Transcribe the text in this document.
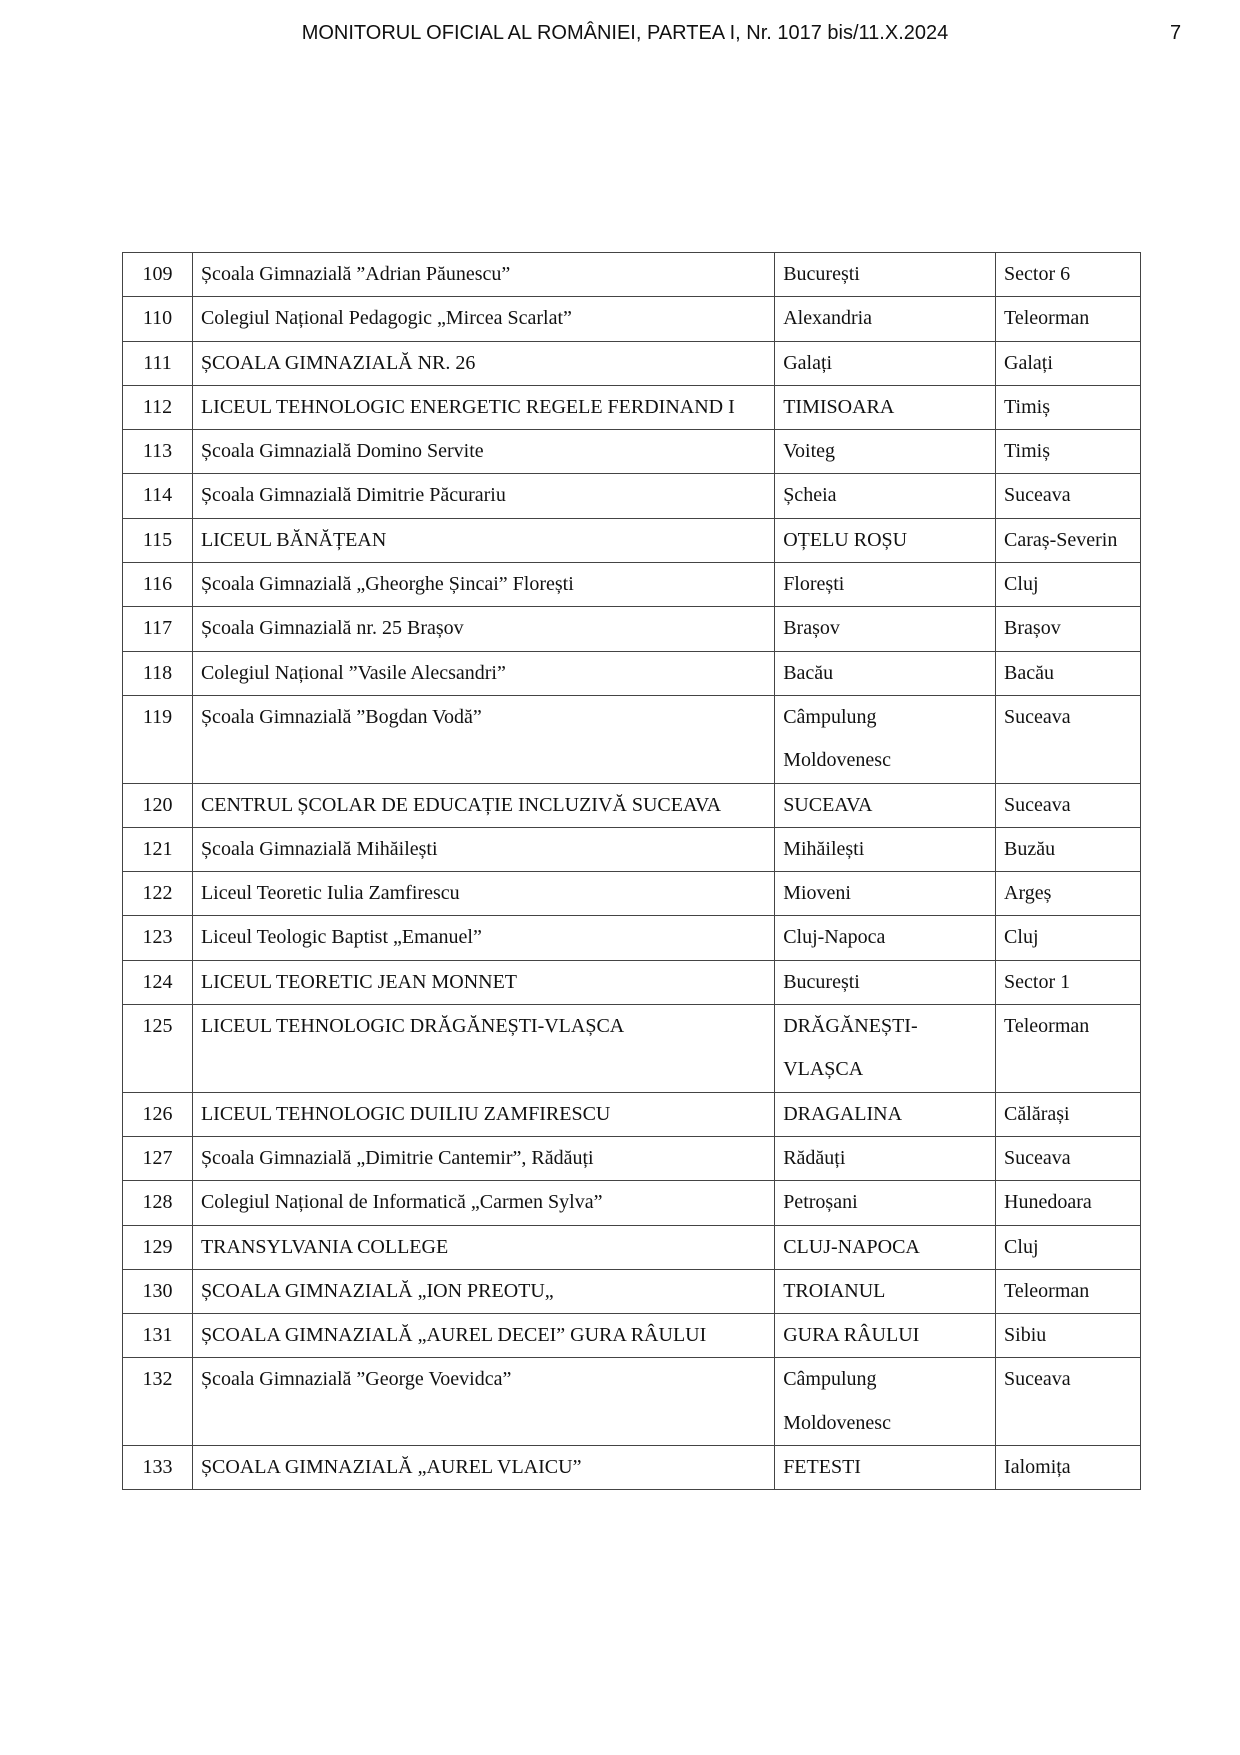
MONITORUL OFICIAL AL ROMÂNIEI, PARTEA I, Nr. 1017 bis/11.X.2024	7
109	Școala Gimnazială ”Adrian Păunescu”	București	Sector 6
110	Colegiul Național Pedagogic „Mircea Scarlat”	Alexandria	Teleorman
111	ȘCOALA GIMNAZIALĂ NR. 26	Galați	Galați
112	LICEUL TEHNOLOGIC ENERGETIC REGELE FERDINAND I	TIMISOARA	Timiș
113	Școala Gimnazială Domino Servite	Voiteg	Timiș
114	Școala Gimnazială Dimitrie Păcurariu	Șcheia	Suceava
115	LICEUL BĂNĂȚEAN	OȚELU ROȘU	Caraș-Severin
116	Școala Gimnazială „Gheorghe Șincai” Florești	Florești	Cluj
117	Școala Gimnazială nr. 25 Brașov	Brașov	Brașov
118	Colegiul Național ”Vasile Alecsandri”	Bacău	Bacău
119	Școala Gimnazială ”Bogdan Vodă”	Câmpulung Moldovenesc	Suceava
120	CENTRUL ȘCOLAR DE EDUCAȚIE INCLUZIVĂ SUCEAVA	SUCEAVA	Suceava
121	Școala Gimnazială Mihăilești	Mihăilești	Buzău
122	Liceul Teoretic Iulia Zamfirescu	Mioveni	Argeș
123	Liceul Teologic Baptist „Emanuel”	Cluj-Napoca	Cluj
124	LICEUL TEORETIC JEAN MONNET	București	Sector 1
125	LICEUL TEHNOLOGIC DRĂGĂNEȘTI-VLAȘCA	DRĂGĂNEȘTI-VLAȘCA	Teleorman
126	LICEUL TEHNOLOGIC DUILIU ZAMFIRESCU	DRAGALINA	Călărași
127	Școala Gimnazială „Dimitrie Cantemir”, Rădăuți	Rădăuți	Suceava
128	Colegiul Național de Informatică „Carmen Sylva”	Petroșani	Hunedoara
129	TRANSYLVANIA COLLEGE	CLUJ-NAPOCA	Cluj
130	ȘCOALA GIMNAZIALĂ „ION PREOTU„	TROIANUL	Teleorman
131	ȘCOALA GIMNAZIALĂ „AUREL DECEI” GURA RÂULUI	GURA RÂULUI	Sibiu
132	Școala Gimnazială ”George Voevidca”	Câmpulung Moldovenesc	Suceava
133	ȘCOALA GIMNAZIALĂ „AUREL VLAICU”	FETESTI	Ialomița
